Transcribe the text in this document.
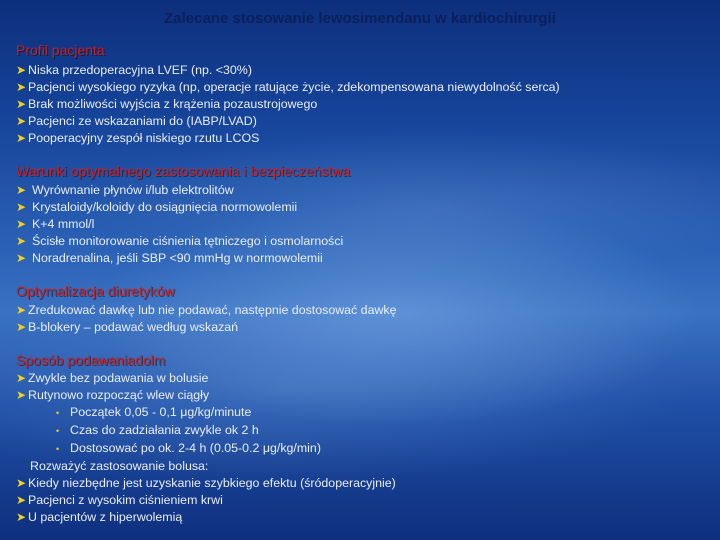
Zalecane stosowanie lewosimendanu w kardiochirurgii
Profil pacjenta
➤ Niska przedoperacyjna LVEF (np. <30%)
➤ Pacjenci wysokiego ryzyka (np, operacje ratujące życie, zdekompensowana niewydolność serca)
➤ Brak możliwości wyjścia z krążenia pozaustrojowego
➤ Pacjenci ze wskazaniami do (IABP/LVAD)
➤ Pooperacyjny zespół niskiego rzutu LCOS
Warunki optymalnego zastosowania i bezpieczeństwa
➤ Wyrównanie płynów i/lub elektrolitów
➤ Krystaloidy/koloidy do osiągnięcia normowolemii
➤ K+4 mmol/l
➤ Ścisłe monitorowanie ciśnienia tętniczego i osmolarności
➤ Noradrenalina, jeśli SBP <90 mmHg w normowolemii
Optymalizacja diuretyków
➤ Zredukować dawkę lub nie podawać, następnie dostosować dawkę
➤ B-blokery – podawać według wskazań
Sposób podawaniadolm
➤ Zwykle bez podawania w bolusie
➤ Rutynowo rozpocząć wlew ciągły
• Początek 0,05 - 0,1 μg/kg/minute
• Czas do zadziałania zwykle ok 2 h
• Dostosować po ok. 2-4 h (0.05-0.2 μg/kg/min)
Rozważyć zastosowanie bolusa:
➤ Kiedy niezbędne jest uzyskanie szybkiego efektu (śródoperacyjnie)
➤ Pacjenci z wysokim ciśnieniem krwi
➤ U pacjentów z hiperwolemią
